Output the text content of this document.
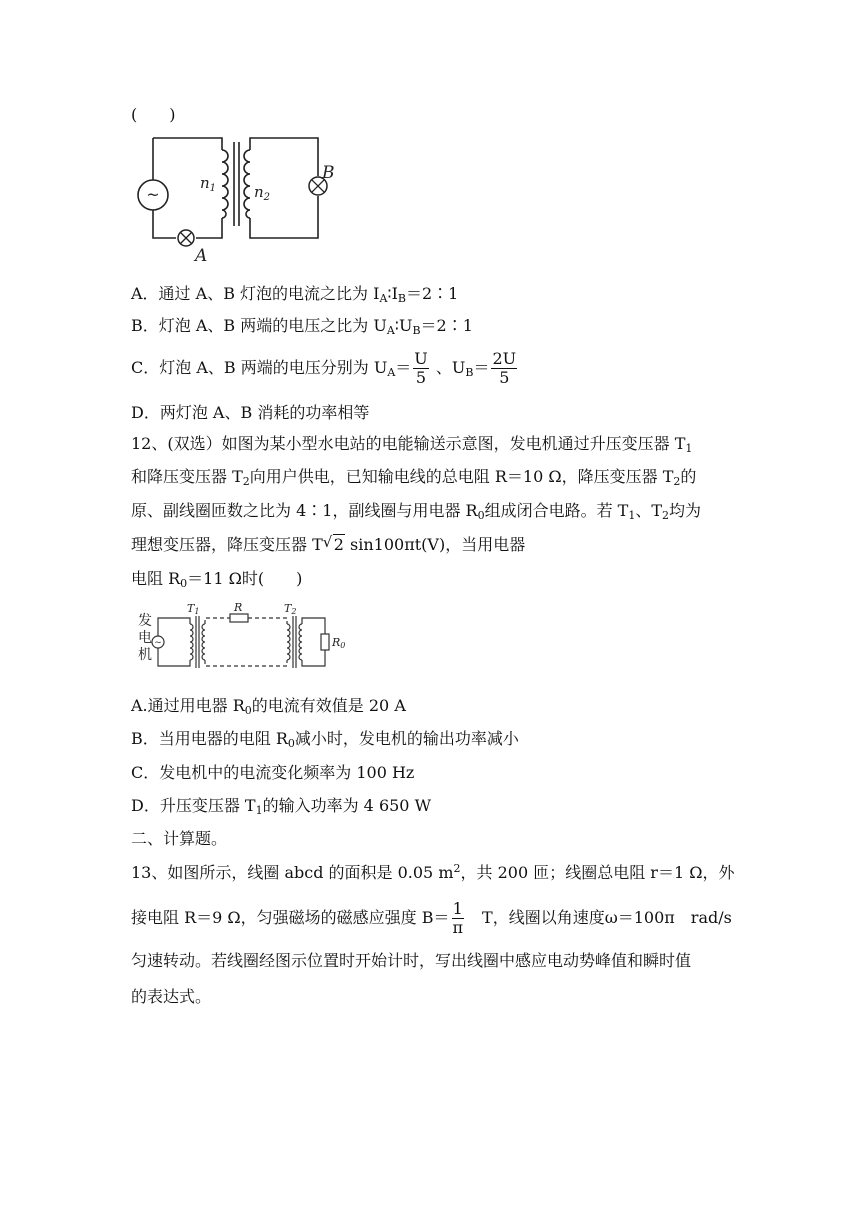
(　　)
~
$n_1$	$n_2$
A
B
A．通过 A、B 灯泡的电流之比为 $I_A∶I_B=2∶1$
B．灯泡 A、B 两端的电压之比为 $U_A∶U_B=2∶1$
C．灯泡 A、B 两端的电压分别为 $U_A= \frac{U}{5}$ 、$U_B= \frac{2U}{5}$
D．两灯泡 A、B 消耗的功率相等
12、(双选）如图为某小型水电站的电能输送示意图，发电机通过升压变压器 $T_1$
和降压变压器 $T_2$向用户供电，已知输电线的总电阻 R＝10 Ω，降压变压器 $T_2$的
原、副线圈匝数之比为 4∶1，副线圈与用电器 $R_0$组成闭合电路。若 $T_1$、$T_2$均为
理想变压器，降压变压器 T √ 2 sin100πt(V)，当用电器
电阻 $R_0=11$ Ω时(　　)
发
电
机
~
T1	R	T2
R0
A.通过用电器 $R_0$的电流有效值是 20 A
B．当用电器的电阻 $R_0$减小时，发电机的输出功率减小
C．发电机中的电流变化频率为 100 Hz
D．升压变压器 $T_1$的输入功率为 4 650 W
二、计算题。
13、如图所示，线圈 abcd 的面积是 0.05 $m^2$，共 200 匝；线圈总电阻 r＝1 Ω，外
接电阻 R＝9 Ω，匀强磁场的磁感应强度 $B= \frac{1}{\pi}$ 　T，线圈以角速度ω＝100π　rad/s
匀速转动。若线圈经图示位置时开始计时，写出线圈中感应电动势峰值和瞬时值
的表达式。
